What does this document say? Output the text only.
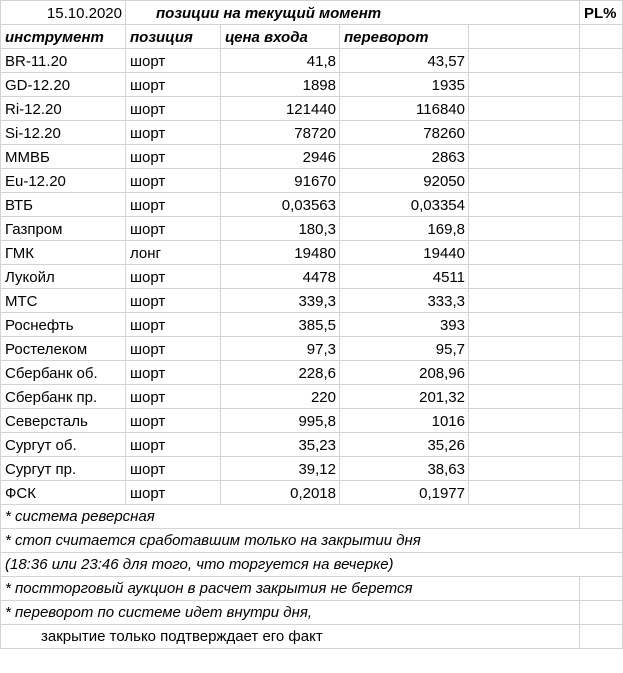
15.10.2020	позиции на текущий момент				PL%
инструмент	позиция	цена входа	переворот		
BR-11.20	шорт	41,8	43,57		
GD-12.20	шорт	1898	1935		
Ri-12.20	шорт	121440	116840		
Si-12.20	шорт	78720	78260		
ММВБ	шорт	2946	2863		
Eu-12.20	шорт	91670	92050		
ВТБ	шорт	0,03563	0,03354		
Газпром	шорт	180,3	169,8		
ГМК	лонг	19480	19440		
Лукойл	шорт	4478	4511		
МТС	шорт	339,3	333,3		
Роснефть	шорт	385,5	393		
Ростелеком	шорт	97,3	95,7		
Сбербанк об.	шорт	228,6	208,96		
Сбербанк пр.	шорт	220	201,32		
Северсталь	шорт	995,8	1016		
Сургут об.	шорт	35,23	35,26		
Сургут пр.	шорт	39,12	38,63		
ФСК	шорт	0,2018	0,1977		

* система реверсная					

* стоп считается сработавшим только на закрытии дня					

(18:36 или 23:46 для того, что торгуется на вечерке)					

* постторговый аукцион в расчет закрытия не берется					

* переворот по системе идет внутри дня,					

закрытие только подтверждает его факт					
